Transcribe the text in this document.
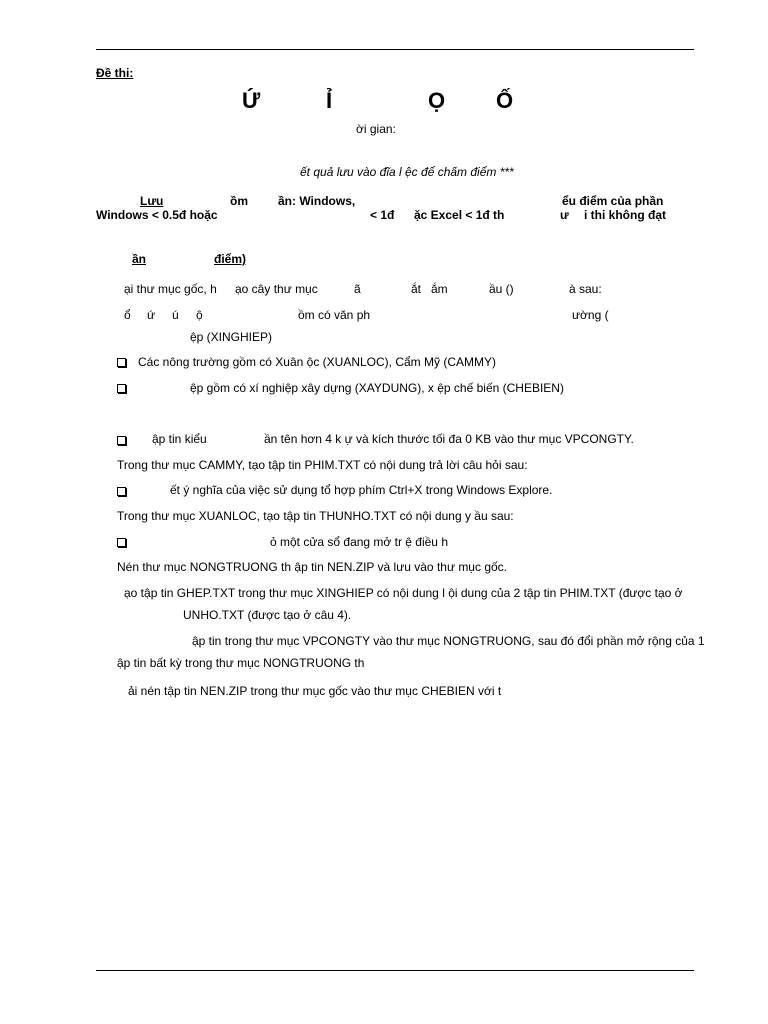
Đề thi:
Ứ	Ỉ	Ọ Ố
ời gian:
ết quả lưu vào đĩa l ệc để chấm điểm ***
Lưu	ồm	ần: Windows,	ểu điểm của phần
Windows < 0.5đ hoặc	< 1đ ặc Excel < 1đ th	ư i thi không đạt
ần	điểm)
ại thư mục gốc, h ạo cây thư mục	ã	ắt ắm	ầu ()	à sau:
ổ ứ ú ộ	ồm có văn ph	ường (
ệp (XINGHIEP)
Các nông trường gồm có Xuân ộc (XUANLOC), Cẩm Mỹ (CAMMY)
ệp gồm có xí nghiệp xây dựng (XAYDUNG), x ệp chế biến (CHEBIEN)
ập tin kiểu	ần tên hơn 4 k ự và kích thước tối đa 0 KB vào thư mục VPCONGTY.
Trong thư mục CAMMY, tạo tập tin PHIM.TXT có nội dung trả lời câu hỏi sau:
ết ý nghĩa của việc sử dụng tổ hợp phím Ctrl+X trong Windows Explore.
Trong thư mục XUANLOC, tạo tập tin THUNHO.TXT có nội dung y ầu sau:
ỏ một cửa sổ đang mở tr ệ điều h
Nén thư mục NONGTRUONG th ập tin NEN.ZIP và lưu vào thư mục gốc.
ạo tập tin GHEP.TXT trong thư mục XINGHIEP có nội dung l ội dung của 2 tập tin PHIM.TXT (được tạo ở
UNHO.TXT (được tạo ở câu 4).
ập tin trong thư mục VPCONGTY vào thư mục NONGTRUONG, sau đó đổi phần mở rộng của 1
ập tin bất kỳ trong thư mục NONGTRUONG th
ải nén tập tin NEN.ZIP trong thư mục gốc vào thư mục CHEBIEN với t
